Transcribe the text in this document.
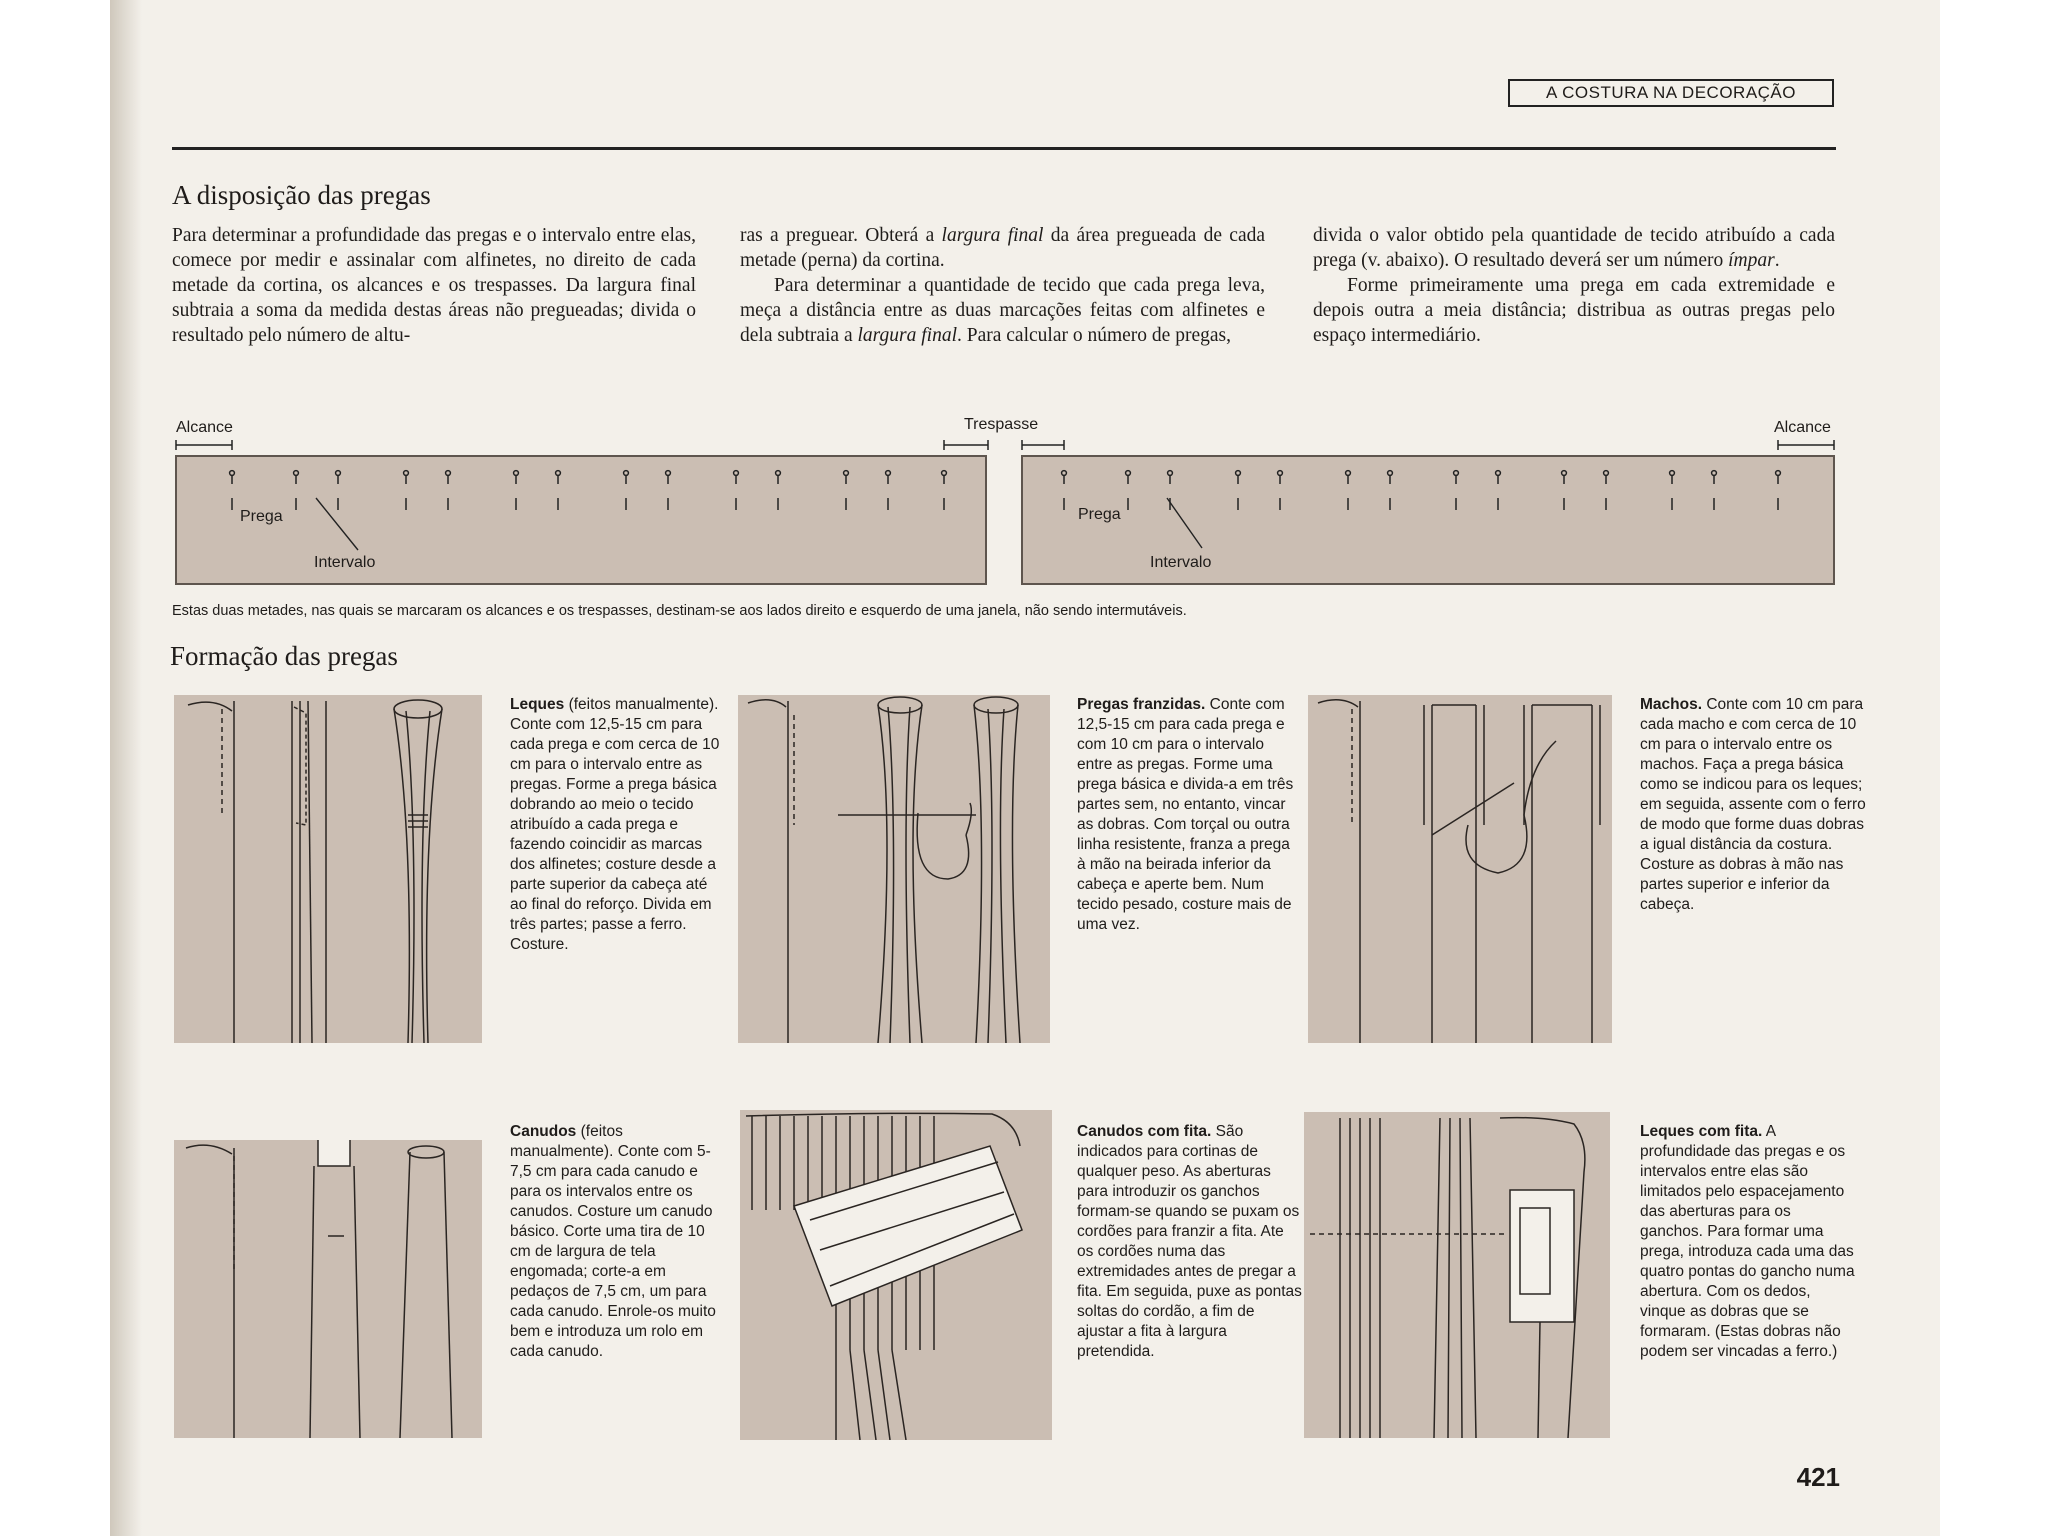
A COSTURA NA DECORAÇÃO
A disposição das pregas

Para determinar a profundidade das pregas e o intervalo entre elas, comece por medir e assinalar com alfinetes, no direito de cada metade da cortina, os alcances e os trespasses. Da largura final subtraia a soma da medida destas áreas não pregueadas; divida o resultado pelo número de altu-

ras a preguear. Obterá a largura final da área pregueada de cada metade (perna) da cortina.

Para determinar a quantidade de tecido que cada prega leva, meça a distância entre as duas marcações feitas com alfinetes e dela subtraia a largura final. Para calcular o número de pregas,

divida o valor obtido pela quantidade de tecido atribuído a cada prega (v. abaixo). O resultado deverá ser um número ímpar.

Forme primeiramente uma prega em cada extremidade e depois outra a meia distância; distribua as outras pregas pelo espaço intermediário.

Alcance	Trespasse	Alcance
Prega
Intervalo
Prega
Intervalo
Estas duas metades, nas quais se marcaram os alcances e os trespasses, destinam-se aos lados direito e esquerdo de uma janela, não sendo intermutáveis.
Formação das pregas
Leques (feitos manualmente). Conte com 12,5-15 cm para cada prega e com cerca de 10 cm para o intervalo entre as pregas. Forme a prega básica dobrando ao meio o tecido atribuído a cada prega e fazendo coincidir as marcas dos alfinetes; costure desde a parte superior da cabeça até ao final do reforço. Divida em três partes; passe a ferro. Costure.
Pregas franzidas. Conte com 12,5-15 cm para cada prega e com 10 cm para o intervalo entre as pregas. Forme uma prega básica e divida-a em três partes sem, no entanto, vincar as dobras. Com torçal ou outra linha resistente, franza a prega à mão na beirada inferior da cabeça e aperte bem. Num tecido pesado, costure mais de uma vez.
Machos. Conte com 10 cm para cada macho e com cerca de 10 cm para o intervalo entre os machos. Faça a prega básica como se indicou para os leques; em seguida, assente com o ferro de modo que forme duas dobras a igual distância da costura. Costure as dobras à mão nas partes superior e inferior da cabeça.
Canudos (feitos manualmente). Conte com 5-7,5 cm para cada canudo e para os intervalos entre os canudos. Costure um canudo básico. Corte uma tira de 10 cm de largura de tela engomada; corte-a em pedaços de 7,5 cm, um para cada canudo. Enrole-os muito bem e introduza um rolo em cada canudo.
Canudos com fita. São indicados para cortinas de qualquer peso. As aberturas para introduzir os ganchos formam-se quando se puxam os cordões para franzir a fita. Ate os cordões numa das extremidades antes de pregar a fita. Em seguida, puxe as pontas soltas do cordão, a fim de ajustar a fita à largura pretendida.
Leques com fita. A profundidade das pregas e os intervalos entre elas são limitados pelo espacejamento das aberturas para os ganchos. Para formar uma prega, introduza cada uma das quatro pontas do gancho numa abertura. Com os dedos, vinque as dobras que se formaram. (Estas dobras não podem ser vincadas a ferro.)
421
